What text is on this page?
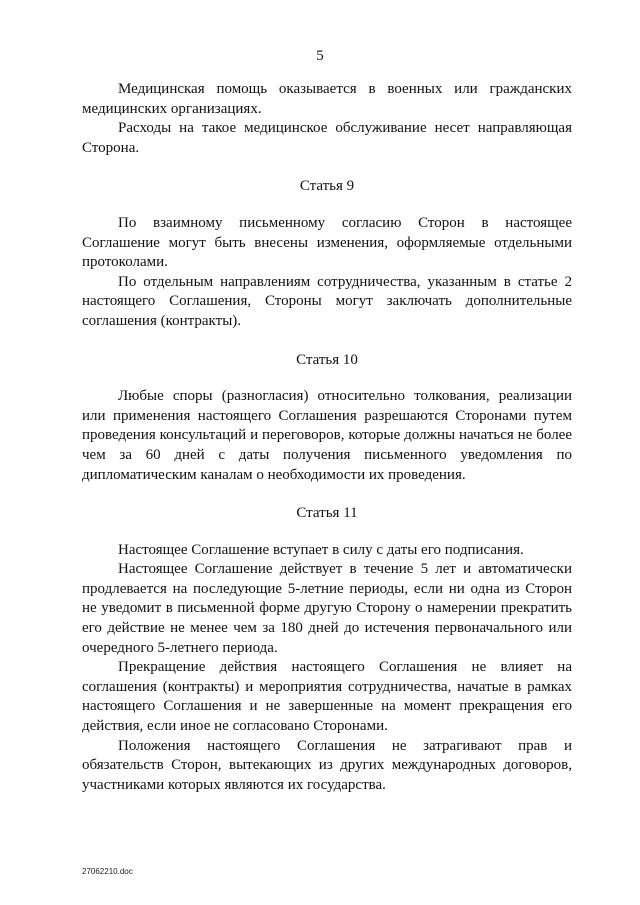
5

Медицинская помощь оказывается в военных или гражданских медицинских организациях.

Расходы на такое медицинское обслуживание несет направляющая Сторона.

Статья 9

По взаимному письменному согласию Сторон в настоящее Соглашение могут быть внесены изменения, оформляемые отдельными протоколами.

По отдельным направлениям сотрудничества, указанным в статье 2 настоящего Соглашения, Стороны могут заключать дополнительные соглашения (контракты).

Статья 10

Любые споры (разногласия) относительно толкования, реализации или применения настоящего Соглашения разрешаются Сторонами путем проведения консультаций и переговоров, которые должны начаться не более чем за 60 дней с даты получения письменного уведомления по дипломатическим каналам о необходимости их проведения.

Статья 11

Настоящее Соглашение вступает в силу с даты его подписания.

Настоящее Соглашение действует в течение 5 лет и автоматически продлевается на последующие 5-летние периоды, если ни одна из Сторон не уведомит в письменной форме другую Сторону о намерении прекратить его действие не менее чем за 180 дней до истечения первоначального или очередного 5-летнего периода.

Прекращение действия настоящего Соглашения не влияет на соглашения (контракты) и мероприятия сотрудничества, начатые в рамках настоящего Соглашения и не завершенные на момент прекращения его действия, если иное не согласовано Сторонами.

Положения настоящего Соглашения не затрагивают прав и обязательств Сторон, вытекающих из других международных договоров, участниками которых являются их государства.

27062210.doc
